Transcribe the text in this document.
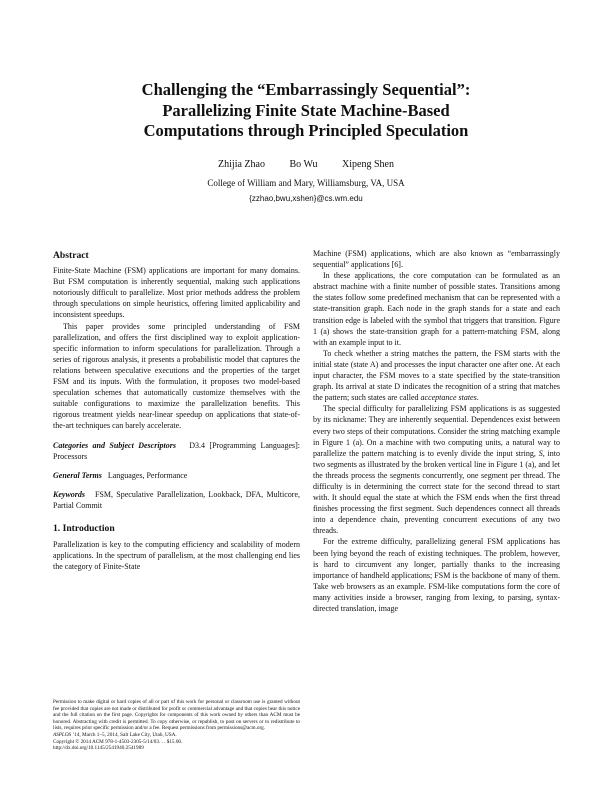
Challenging the “Embarrassingly Sequential”:
Parallelizing Finite State Machine-Based
Computations through Principled Speculation
Zhijia Zhao Bo Wu Xipeng Shen
College of William and Mary, Williamsburg, VA, USA
{zzhao,bwu,xshen}@cs.wm.edu
Abstract

Finite-State Machine (FSM) applications are important for many domains. But FSM computation is inherently sequential, making such applications notoriously difficult to parallelize. Most prior methods address the problem through speculations on simple heuristics, offering limited applicability and inconsistent speedups.

This paper provides some principled understanding of FSM parallelization, and offers the first disciplined way to exploit application-specific information to inform speculations for parallelization. Through a series of rigorous analysis, it presents a probabilistic model that captures the relations between speculative executions and the properties of the target FSM and its inputs. With the formulation, it proposes two model-based speculation schemes that automatically customize themselves with the suitable configurations to maximize the parallelization benefits. This rigorous treatment yields near-linear speedup on applications that state-of-the-art techniques can barely accelerate.

Categories and Subject Descriptors D3.4 [Programming Languages]: Processors
General Terms Languages, Performance
Keywords FSM, Speculative Parallelization, Lookback, DFA, Multicore, Partial Commit
1. Introduction

Parallelization is key to the computing efficiency and scalability of modern applications. In the spectrum of parallelism, at the most challenging end lies the category of Finite-State

Permission to make digital or hard copies of all or part of this work for personal or classroom use is granted without fee provided that copies are not made or distributed for profit or commercial advantage and that copies bear this notice and the full citation on the first page. Copyrights for components of this work owned by others than ACM must be honored. Abstracting with credit is permitted. To copy otherwise, or republish, to post on servers or to redistribute to lists, requires prior specific permission and/or a fee. Request permissions from permissions@acm.org.
ASPLOS ’14, March 1–5, 2014, Salt Lake City, Utah, USA.
Copyright © 2014 ACM 978-1-4503-2305-5/14/03. . . $15.00.
http://dx.doi.org/10.1145/2541940.2541989

Machine (FSM) applications, which are also known as “embarrassingly sequential” applications [6].

In these applications, the core computation can be formulated as an abstract machine with a finite number of possible states. Transitions among the states follow some predefined mechanism that can be represented with a state-transition graph. Each node in the graph stands for a state and each transition edge is labeled with the symbol that triggers that transition. Figure 1 (a) shows the state-transition graph for a pattern-matching FSM, along with an example input to it.

To check whether a string matches the pattern, the FSM starts with the initial state (state A) and processes the input character one after one. At each input character, the FSM moves to a state specified by the state-transition graph. Its arrival at state D indicates the recognition of a string that matches the pattern; such states are called acceptance states.

The special difficulty for parallelizing FSM applications is as suggested by its nickname: They are inherently sequential. Dependences exist between every two steps of their computations. Consider the string matching example in Figure 1 (a). On a machine with two computing units, a natural way to parallelize the pattern matching is to evenly divide the input string, S, into two segments as illustrated by the broken vertical line in Figure 1 (a), and let the threads process the segments concurrently, one segment per thread. The difficulty is in determining the correct state for the second thread to start with. It should equal the state at which the FSM ends when the first thread finishes processing the first segment. Such dependences connect all threads into a dependence chain, preventing concurrent executions of any two threads.

For the extreme difficulty, parallelizing general FSM applications has been lying beyond the reach of existing techniques. The problem, however, is hard to circumvent any longer, partially thanks to the increasing importance of handheld applications; FSM is the backbone of many of them. Take web browsers as an example. FSM-like computations form the core of many activities inside a browser, ranging from lexing, to parsing, syntax-directed translation, image
